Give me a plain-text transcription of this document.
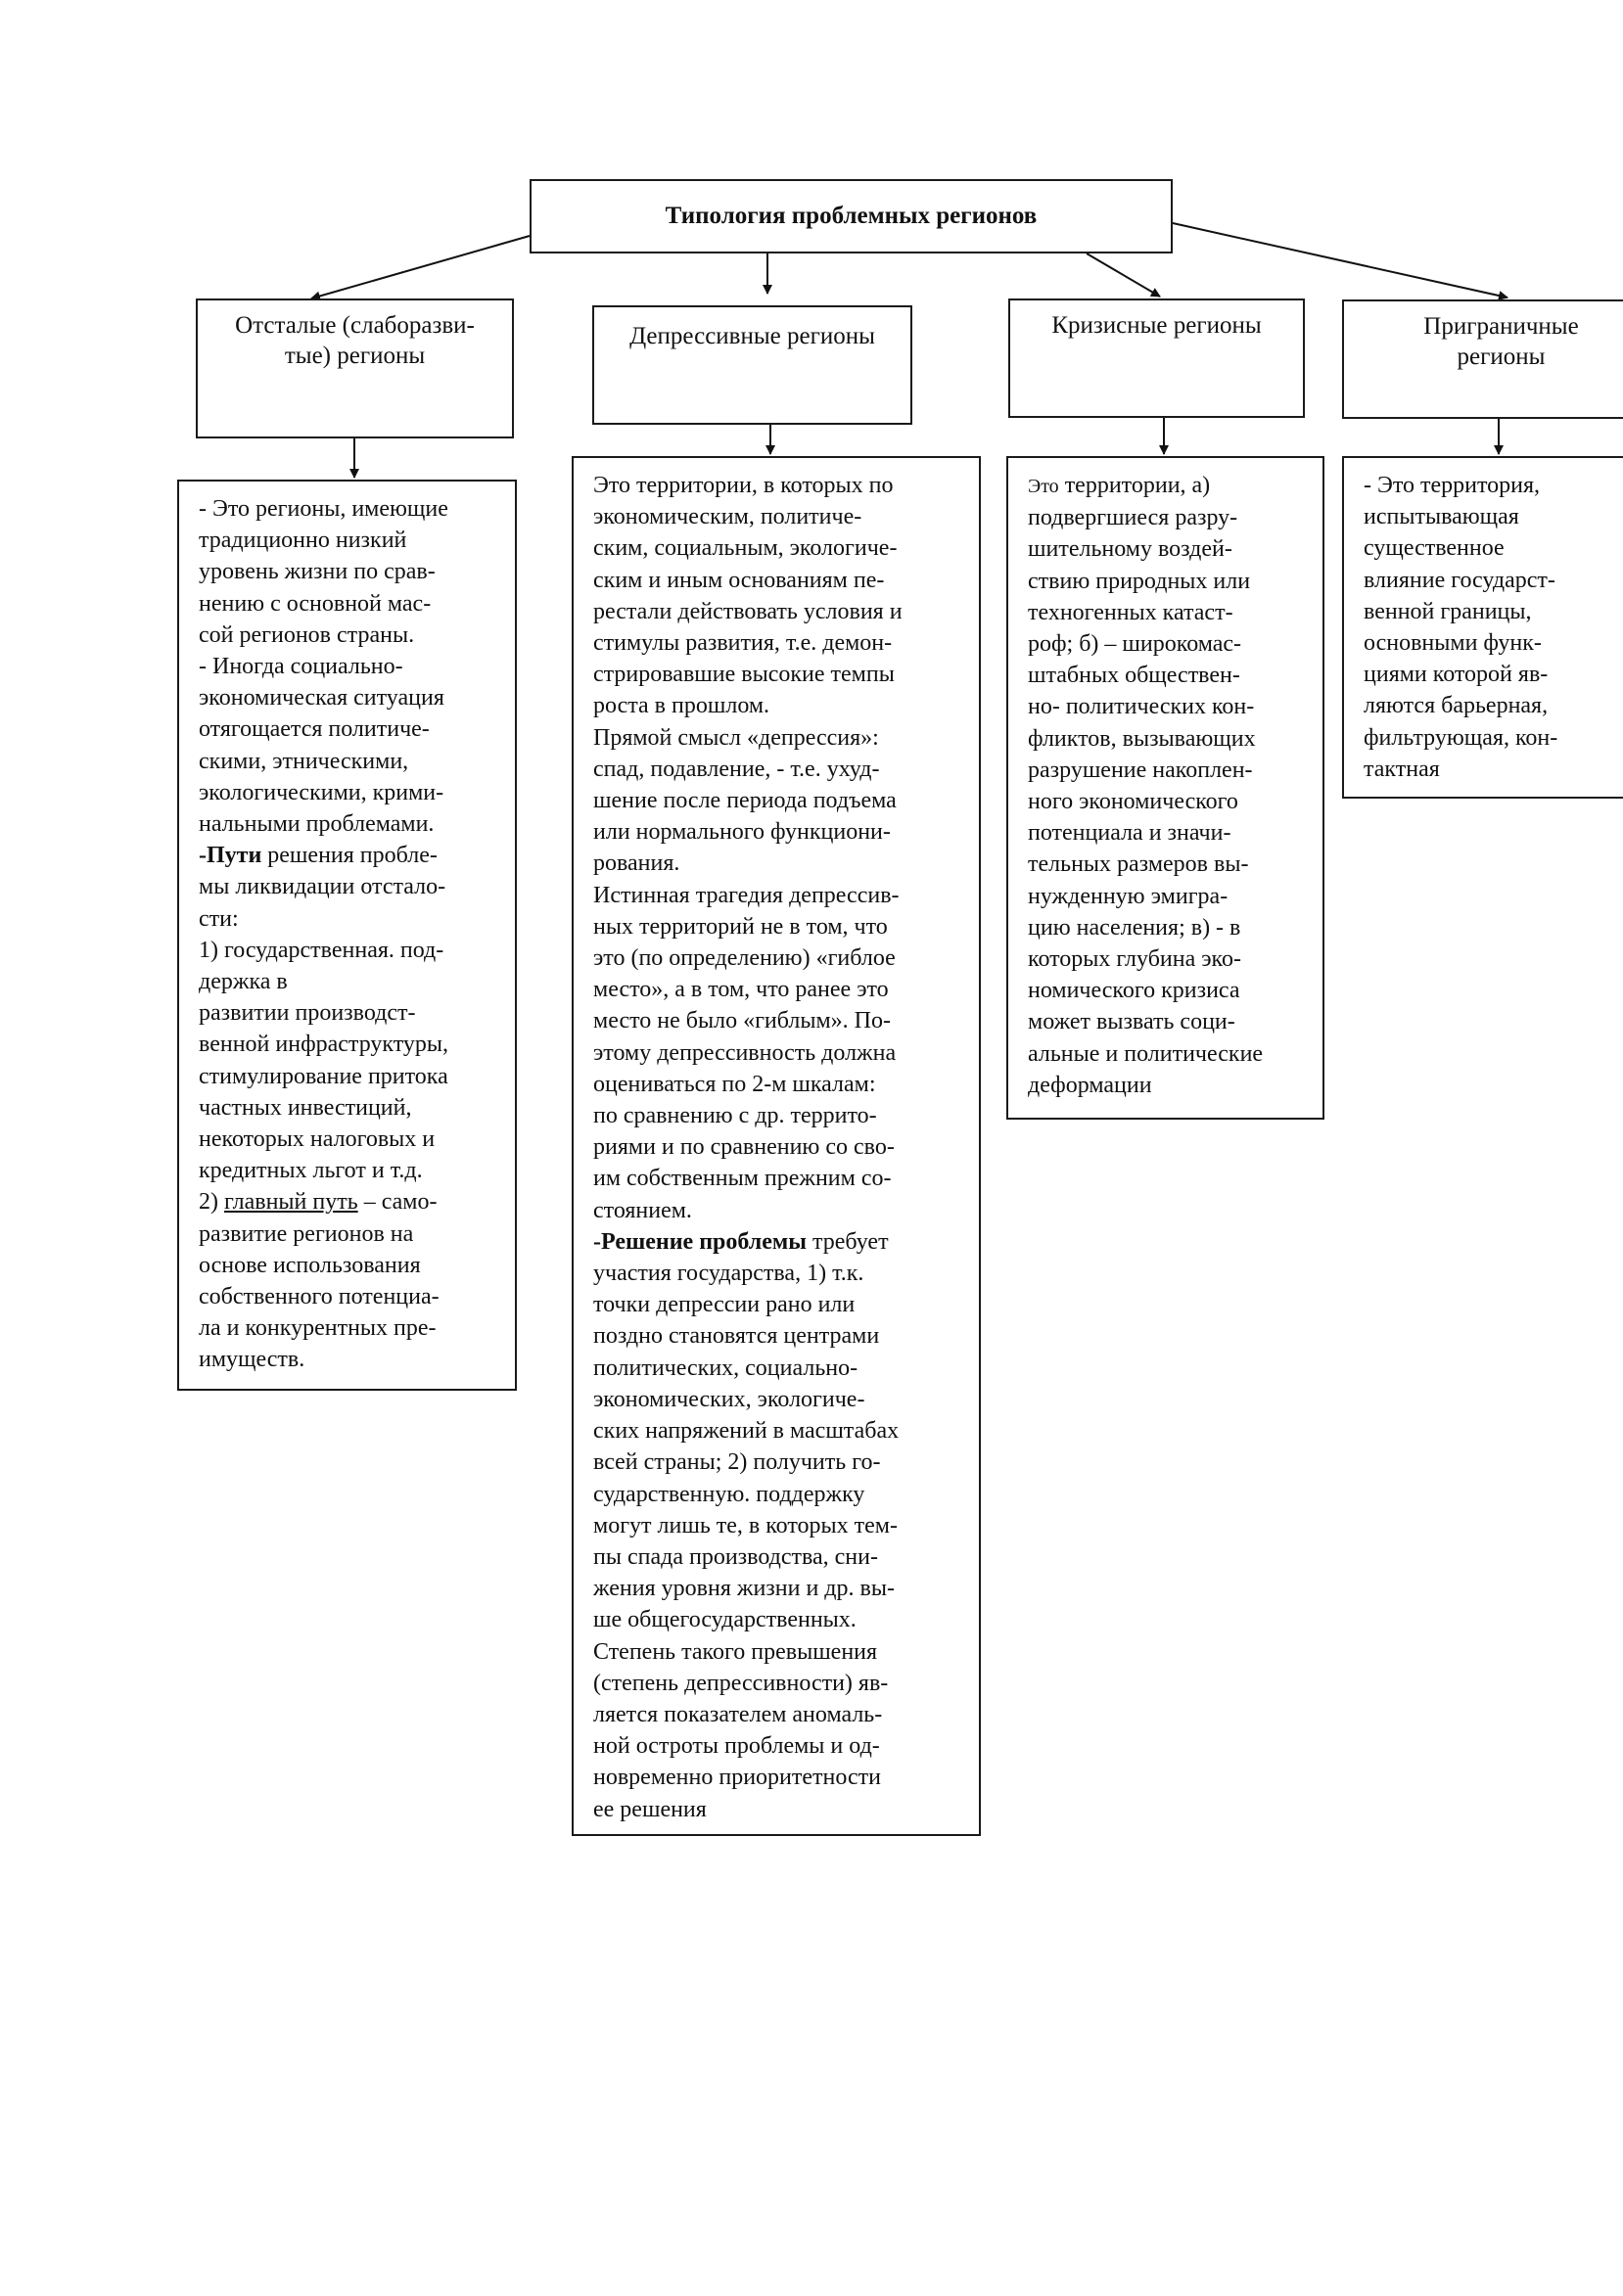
Типология проблемных регионов
Отсталые (слаборазви-
тые) регионы
Депрессивные регионы	Кризисные регионы	Приграничные
регионы
- Это регионы, имеющие
традиционно низкий
уровень жизни по срав-
нению с основной мас-
сой регионов страны.
- Иногда социально-
экономическая ситуация
отягощается политиче-
скими, этническими,
экологическими, крими-
нальными проблемами.
-Пути решения пробле-
мы ликвидации отстало-
сти:
1) государственная. под-
держка в
развитии производст-
венной инфраструктуры,
стимулирование притока
частных инвестиций,
некоторых налоговых и
кредитных льгот и т.д.
2) главный путь – само-
развитие регионов на
основе использования
собственного потенциа-
ла и конкурентных пре-
имуществ.
Это территории, в которых по
экономическим, политиче-
ским, социальным, экологиче-
ским и иным основаниям пе-
рестали действовать условия и
стимулы развития, т.е. демон-
стрировавшие высокие темпы
роста в прошлом.
Прямой смысл «депрессия»:
спад, подавление, - т.е. ухуд-
шение после периода подъема
или нормального функциони-
рования.
Истинная трагедия депрессив-
ных территорий не в том, что
это (по определению) «гиблое
место», а в том, что ранее это
место не было «гиблым». По-
этому депрессивность должна
оцениваться по 2-м шкалам:
по сравнению с др. террито-
риями и по сравнению со сво-
им собственным прежним со-
стоянием.
-Решение проблемы требует
участия государства, 1) т.к.
точки депрессии рано или
поздно становятся центрами
политических, социально-
экономических, экологиче-
ских напряжений в масштабах
всей страны; 2) получить го-
сударственную. поддержку
могут лишь те, в которых тем-
пы спада производства, сни-
жения уровня жизни и др. вы-
ше общегосударственных.
Степень такого превышения
(степень депрессивности) яв-
ляется показателем аномаль-
ной остроты проблемы и од-
новременно приоритетности
ее решения
Это территории, а)
подвергшиеся разру-
шительному воздей-
ствию природных или
техногенных катаст-
роф; б) – широкомас-
штабных обществен-
но- политических кон-
фликтов, вызывающих
разрушение накоплен-
ного экономического
потенциала и значи-
тельных размеров вы-
нужденную эмигра-
цию населения; в) - в
которых глубина эко-
номического кризиса
может вызвать соци-
альные и политические
деформации
- Это территория,
испытывающая
существенное
влияние государст-
венной границы,
основными функ-
циями которой яв-
ляются барьерная,
фильтрующая, кон-
тактная
